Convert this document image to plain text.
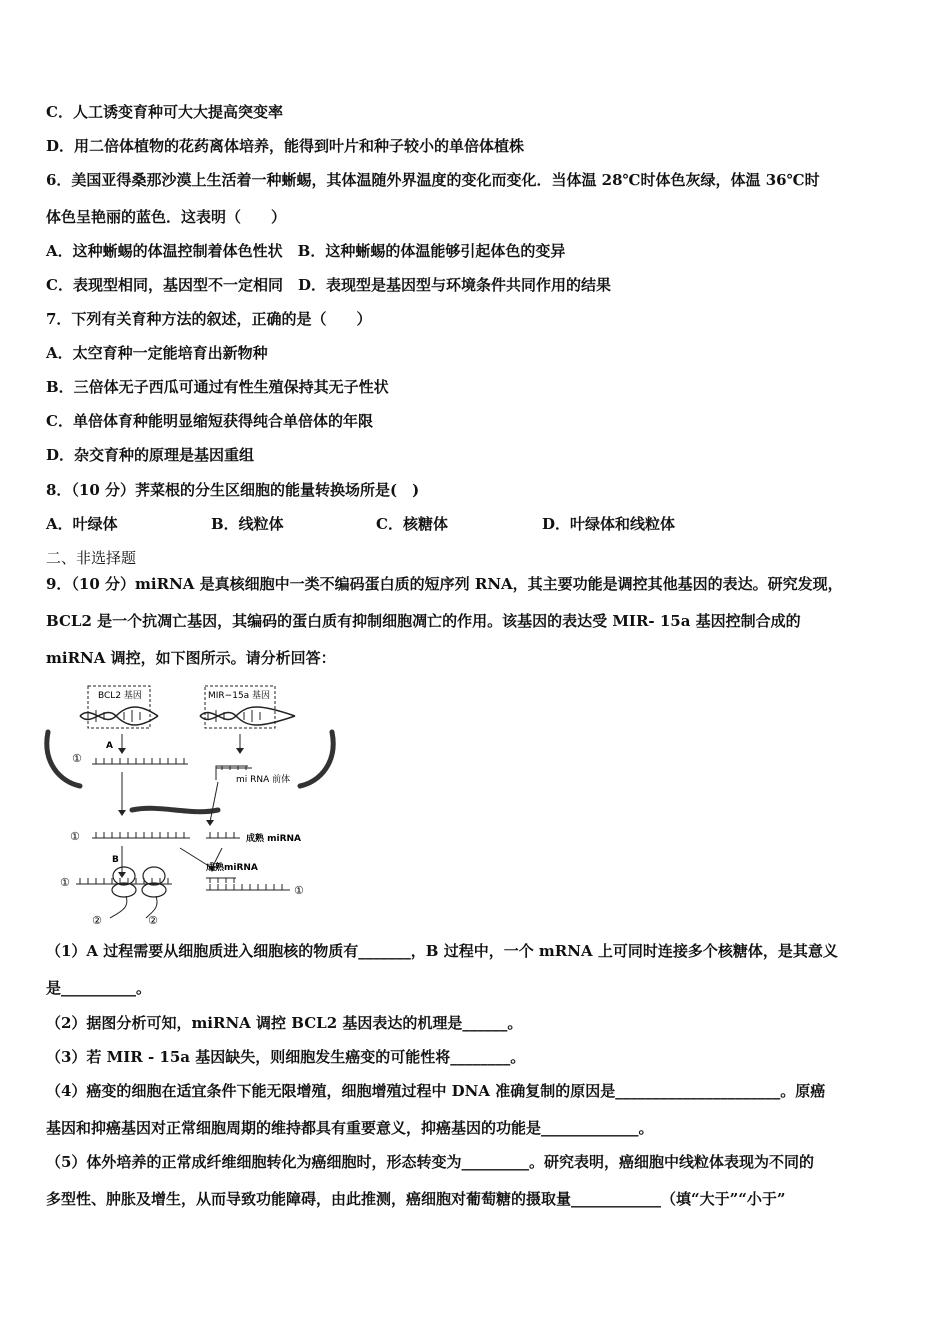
C．人工诱变育种可大大提高突变率
D．用二倍体植物的花药离体培养，能得到叶片和种子较小的单倍体植株
6．美国亚得桑那沙漠上生活着一种蜥蜴，其体温随外界温度的变化而变化．当体温 28℃时体色灰绿，体温 36℃时
体色呈艳丽的蓝色．这表明（　　）
A．这种蜥蜴的体温控制着体色性状　B．这种蜥蜴的体温能够引起体色的变异
C．表现型相同，基因型不一定相同　D．表现型是基因型与环境条件共同作用的结果
7．下列有关育种方法的叙述，正确的是（　　）
A．太空育种一定能培育出新物种
B．三倍体无子西瓜可通过有性生殖保持其无子性状
C．单倍体育种能明显缩短获得纯合单倍体的年限
D．杂交育种的原理是基因重组
8．（10 分）荠菜根的分生区细胞的能量转换场所是(　)
A．叶绿体	B．线粒体	C．核糖体	D．叶绿体和线粒体
二、非选择题
9．（10 分）miRNA 是真核细胞中一类不编码蛋白质的短序列 RNA，其主要功能是调控其他基因的表达。研究发现，
BCL2 是一个抗凋亡基因，其编码的蛋白质有抑制细胞凋亡的作用。该基因的表达受 MIR- 15a 基因控制合成的
miRNA 调控，如下图所示。请分析回答：
BCL2 基因	MIR−15a 基因
①
A
mi RNA 前体
①	成熟 miRNA
B
①
②	②
成熟miRNA
①
（1）A 过程需要从细胞质进入细胞核的物质有_______，B 过程中，一个 mRNA 上可同时连接多个核糖体，是其意义
是__________。
（2）据图分析可知，miRNA 调控 BCL2 基因表达的机理是______。
（3）若 MIR - 15a 基因缺失，则细胞发生癌变的可能性将________。
（4）癌变的细胞在适宜条件下能无限增殖，细胞增殖过程中 DNA 准确复制的原因是______________________。原癌
基因和抑癌基因对正常细胞周期的维持都具有重要意义，抑癌基因的功能是_____________。
（5）体外培养的正常成纤维细胞转化为癌细胞时，形态转变为_________。研究表明，癌细胞中线粒体表现为不同的
多型性、肿胀及增生，从而导致功能障碍，由此推测，癌细胞对葡萄糖的摄取量____________（填“大于”“小于”
